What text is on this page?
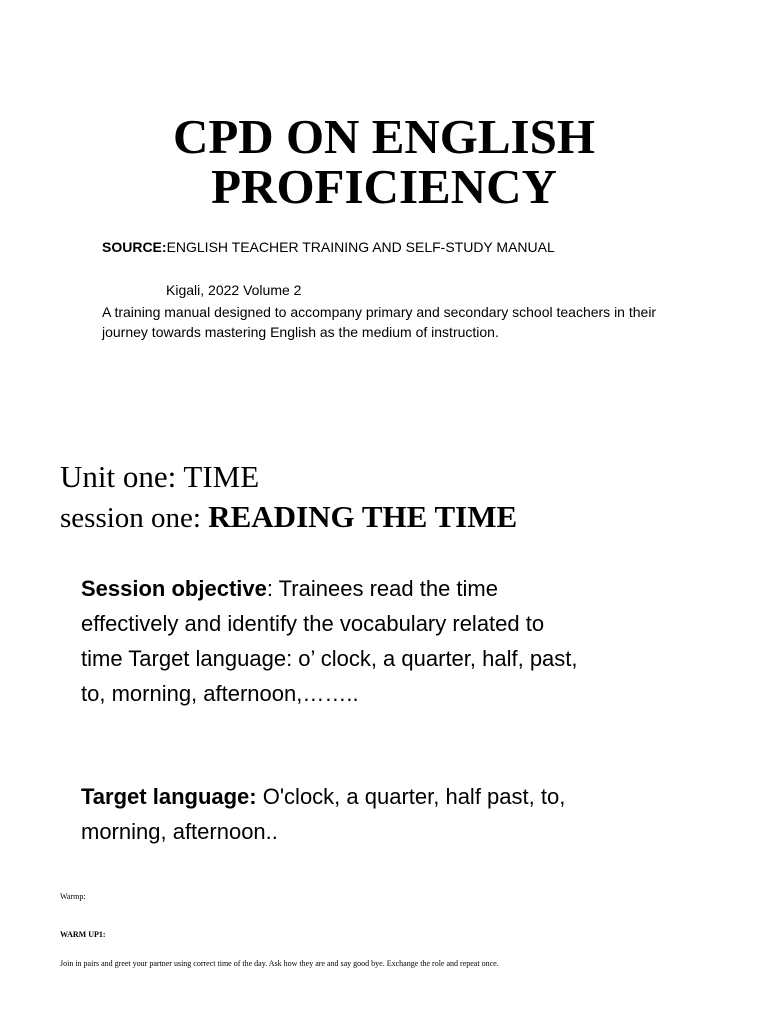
CPD ON ENGLISH
PROFICIENCY
SOURCE:ENGLISH TEACHER TRAINING AND SELF-STUDY MANUAL
Kigali, 2022 Volume 2
A training manual designed to accompany primary and secondary school teachers in their journey towards mastering English as the medium of instruction.
Unit one: TIME
session one: READING THE TIME
Session objective: Trainees read the time effectively and identify the vocabulary related to time Target language: o’ clock, a quarter, half, past, to, morning, afternoon,……..
Target language: O'clock, a quarter, half past, to, morning, afternoon..
Warmp:
WARM UP1:
Join in pairs and greet your partner using correct time of the day. Ask how they are and say good bye. Exchange the role and repeat once.
